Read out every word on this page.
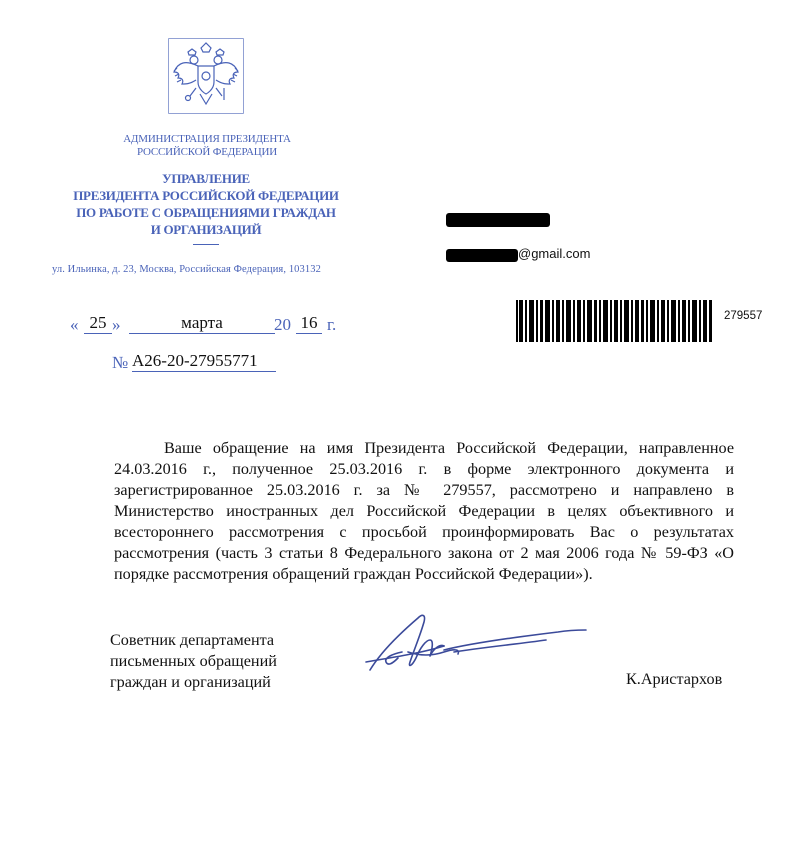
АДМИНИСТРАЦИЯ ПРЕЗИДЕНТА
РОССИЙСКОЙ ФЕДЕРАЦИИ
УПРАВЛЕНИЕ
ПРЕЗИДЕНТА РОССИЙСКОЙ ФЕДЕРАЦИИ
ПО РАБОТЕ С ОБРАЩЕНИЯМИ ГРАЖДАН
И ОРГАНИЗАЦИЙ
ул. Ильинка, д. 23, Москва, Российская Федерация, 103132
« 25 »	марта	20 16 г.
№ А26-20-27955771
@gmail.com
279557

Ваше обращение на имя Президента Российской Федерации, направленное 24.03.2016 г., полученное 25.03.2016 г. в форме электронного документа и зарегистрированное 25.03.2016 г. за № 279557, рассмотрено и направлено в Министерство иностранных дел Российской Федерации в целях объективного и всестороннего рассмотрения с просьбой проинформировать Вас о результатах рассмотрения (часть 3 статьи 8 Федерального закона от 2 мая 2006 года № 59-ФЗ «О порядке рассмотрения обращений граждан Российской Федерации»).

Советник департамента
письменных обращений
граждан и организаций	К.Аристархов
